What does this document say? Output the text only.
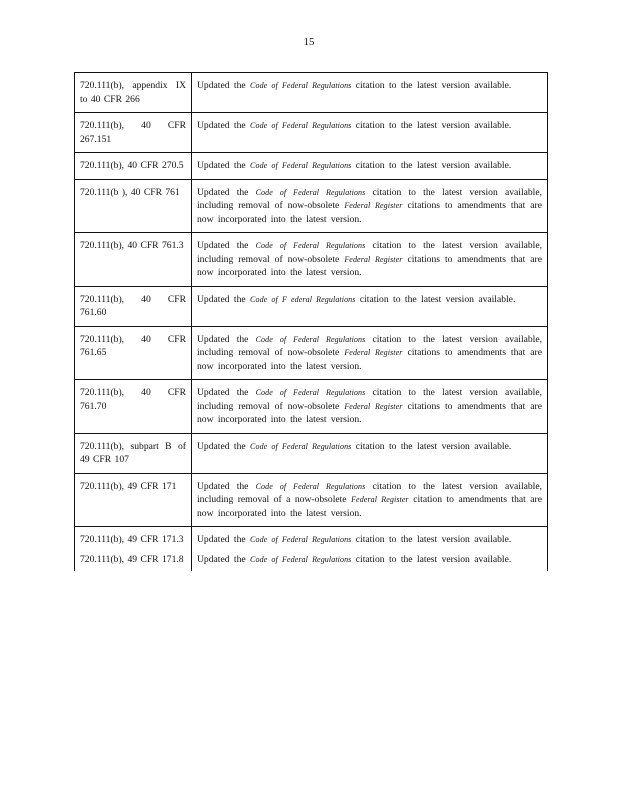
15
720.111(b), appendix IX to 40 CFR 266	Updated the Code of Federal Regulations citation to the latest version available.
720.111(b), 40 CFR 267.151	Updated the Code of Federal Regulations citation to the latest version available.
720.111(b), 40 CFR 270.5	Updated the Code of Federal Regulations citation to the latest version available.
720.111(b ), 40 CFR 761	Updated the Code of Federal Regulations citation to the latest version available, including removal of now-obsolete Federal Register citations to amendments that are now incorporated into the latest version.
720.111(b), 40 CFR 761.3	Updated the Code of Federal Regulations citation to the latest version available, including removal of now-obsolete Federal Register citations to amendments that are now incorporated into the latest version.
720.111(b), 40 CFR 761.60	Updated the Code of F ederal Regulations citation to the latest version available.
720.111(b), 40 CFR 761.65	Updated the Code of Federal Regulations citation to the latest version available, including removal of now-obsolete Federal Register citations to amendments that are now incorporated into the latest version.
720.111(b), 40 CFR 761.70	Updated the Code of Federal Regulations citation to the latest version available, including removal of now-obsolete Federal Register citations to amendments that are now incorporated into the latest version.
720.111(b), subpart B of 49 CFR 107	Updated the Code of Federal Regulations citation to the latest version available.
720.111(b), 49 CFR 171	Updated the Code of Federal Regulations citation to the latest version available, including removal of a now-obsolete Federal Register citation to amendments that are now incorporated into the latest version.
720.111(b), 49 CFR 171.3	Updated the Code of Federal Regulations citation to the latest version available.
720.111(b), 49 CFR 171.8	Updated the Code of Federal Regulations citation to the latest version available.
